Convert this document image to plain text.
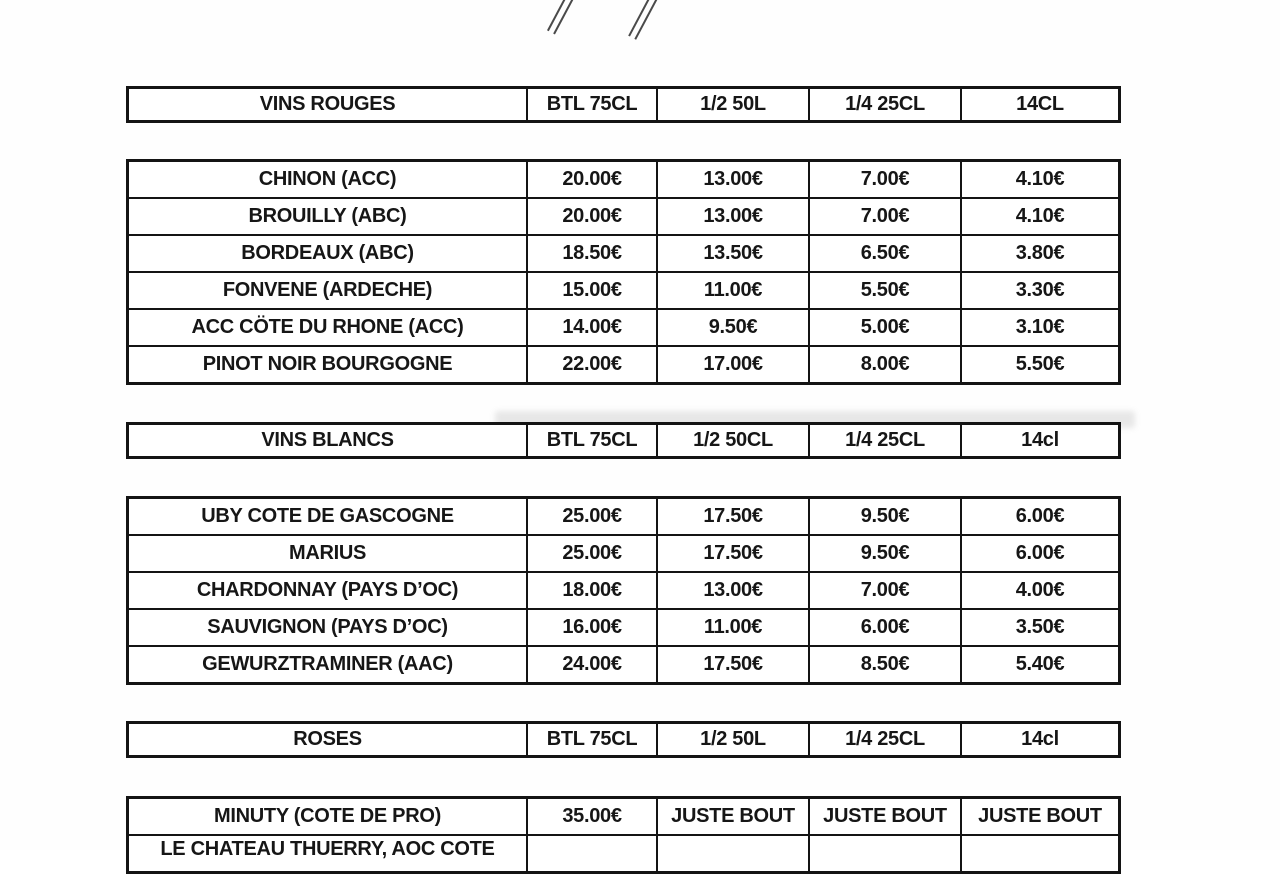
VINS ROUGES	BTL 75CL	1/2 50L	1/4 25CL	14CL
CHINON (ACC)	20.00€	13.00€	7.00€	4.10€
BROUILLY (ABC)	20.00€	13.00€	7.00€	4.10€
BORDEAUX (ABC)	18.50€	13.50€	6.50€	3.80€
FONVENE (ARDECHE)	15.00€	11.00€	5.50€	3.30€
ACC CÖTE DU RHONE (ACC)	14.00€	9.50€	5.00€	3.10€
PINOT NOIR BOURGOGNE	22.00€	17.00€	8.00€	5.50€
VINS BLANCS	BTL 75CL	1/2 50CL	1/4 25CL	14cl
UBY COTE DE GASCOGNE	25.00€	17.50€	9.50€	6.00€
MARIUS	25.00€	17.50€	9.50€	6.00€
CHARDONNAY (PAYS D’OC)	18.00€	13.00€	7.00€	4.00€
SAUVIGNON (PAYS D’OC)	16.00€	11.00€	6.00€	3.50€
GEWURZTRAMINER (AAC)	24.00€	17.50€	8.50€	5.40€
ROSES	BTL 75CL	1/2 50L	1/4 25CL	14cl
MINUTY (COTE DE PRO)	35.00€	JUSTE BOUT	JUSTE BOUT	JUSTE BOUT
LE CHATEAU THUERRY, AOC COTE
